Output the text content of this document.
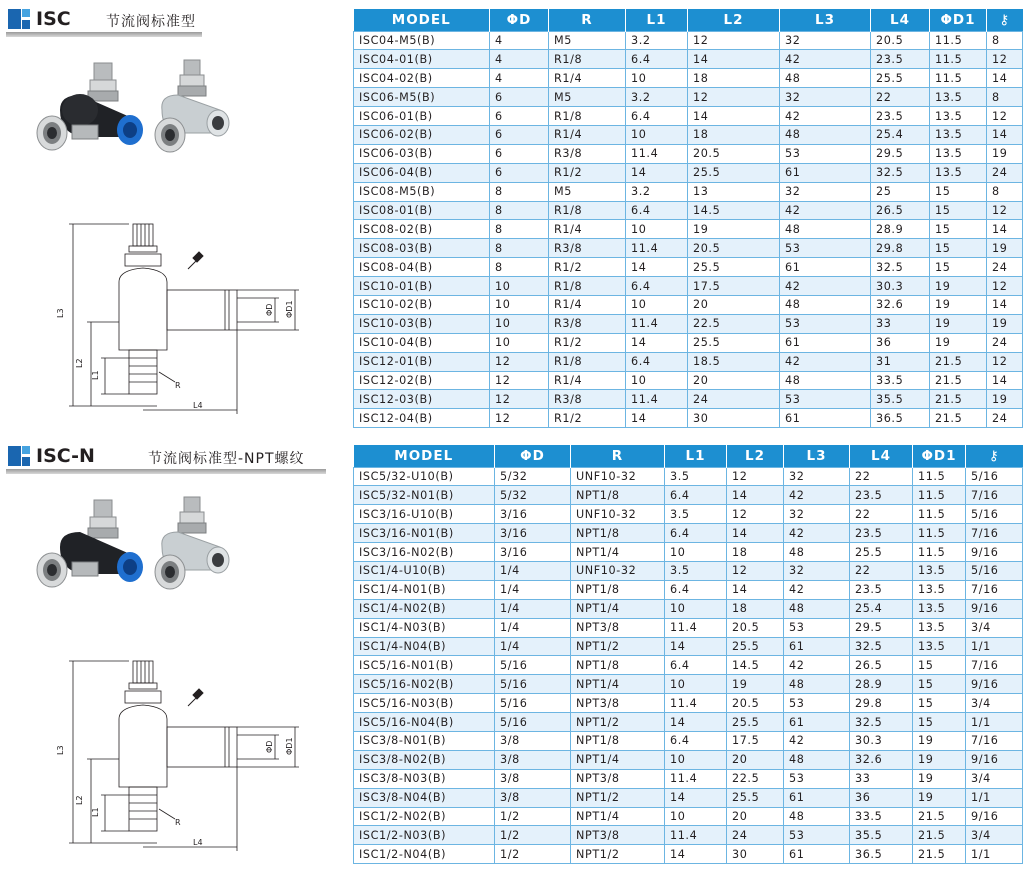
ISC	节流阀标准型
L3
L2
L1
L4
ΦD ΦD1
R
MODEL	ΦD	R	L1	L2	L3	L4	ΦD1	⚷
ISC04-M5(B)	4	M5	3.2	12	32	20.5	11.5	8
ISC04-01(B)	4	R1/8	6.4	14	42	23.5	11.5	12
ISC04-02(B)	4	R1/4	10	18	48	25.5	11.5	14
ISC06-M5(B)	6	M5	3.2	12	32	22	13.5	8
ISC06-01(B)	6	R1/8	6.4	14	42	23.5	13.5	12
ISC06-02(B)	6	R1/4	10	18	48	25.4	13.5	14
ISC06-03(B)	6	R3/8	11.4	20.5	53	29.5	13.5	19
ISC06-04(B)	6	R1/2	14	25.5	61	32.5	13.5	24
ISC08-M5(B)	8	M5	3.2	13	32	25	15	8
ISC08-01(B)	8	R1/8	6.4	14.5	42	26.5	15	12
ISC08-02(B)	8	R1/4	10	19	48	28.9	15	14
ISC08-03(B)	8	R3/8	11.4	20.5	53	29.8	15	19
ISC08-04(B)	8	R1/2	14	25.5	61	32.5	15	24
ISC10-01(B)	10	R1/8	6.4	17.5	42	30.3	19	12
ISC10-02(B)	10	R1/4	10	20	48	32.6	19	14
ISC10-03(B)	10	R3/8	11.4	22.5	53	33	19	19
ISC10-04(B)	10	R1/2	14	25.5	61	36	19	24
ISC12-01(B)	12	R1/8	6.4	18.5	42	31	21.5	12
ISC12-02(B)	12	R1/4	10	20	48	33.5	21.5	14
ISC12-03(B)	12	R3/8	11.4	24	53	35.5	21.5	19
ISC12-04(B)	12	R1/2	14	30	61	36.5	21.5	24
ISC-N	节流阀标准型-NPT螺纹
L3
L2
L1
L4
ΦD ΦD1
R
MODEL	ΦD	R	L1	L2	L3	L4	ΦD1	⚷
ISC5/32-U10(B)	5/32	UNF10-32	3.5	12	32	22	11.5	5/16
ISC5/32-N01(B)	5/32	NPT1/8	6.4	14	42	23.5	11.5	7/16
ISC3/16-U10(B)	3/16	UNF10-32	3.5	12	32	22	11.5	5/16
ISC3/16-N01(B)	3/16	NPT1/8	6.4	14	42	23.5	11.5	7/16
ISC3/16-N02(B)	3/16	NPT1/4	10	18	48	25.5	11.5	9/16
ISC1/4-U10(B)	1/4	UNF10-32	3.5	12	32	22	13.5	5/16
ISC1/4-N01(B)	1/4	NPT1/8	6.4	14	42	23.5	13.5	7/16
ISC1/4-N02(B)	1/4	NPT1/4	10	18	48	25.4	13.5	9/16
ISC1/4-N03(B)	1/4	NPT3/8	11.4	20.5	53	29.5	13.5	3/4
ISC1/4-N04(B)	1/4	NPT1/2	14	25.5	61	32.5	13.5	1/1
ISC5/16-N01(B)	5/16	NPT1/8	6.4	14.5	42	26.5	15	7/16
ISC5/16-N02(B)	5/16	NPT1/4	10	19	48	28.9	15	9/16
ISC5/16-N03(B)	5/16	NPT3/8	11.4	20.5	53	29.8	15	3/4
ISC5/16-N04(B)	5/16	NPT1/2	14	25.5	61	32.5	15	1/1
ISC3/8-N01(B)	3/8	NPT1/8	6.4	17.5	42	30.3	19	7/16
ISC3/8-N02(B)	3/8	NPT1/4	10	20	48	32.6	19	9/16
ISC3/8-N03(B)	3/8	NPT3/8	11.4	22.5	53	33	19	3/4
ISC3/8-N04(B)	3/8	NPT1/2	14	25.5	61	36	19	1/1
ISC1/2-N02(B)	1/2	NPT1/4	10	20	48	33.5	21.5	9/16
ISC1/2-N03(B)	1/2	NPT3/8	11.4	24	53	35.5	21.5	3/4
ISC1/2-N04(B)	1/2	NPT1/2	14	30	61	36.5	21.5	1/1
